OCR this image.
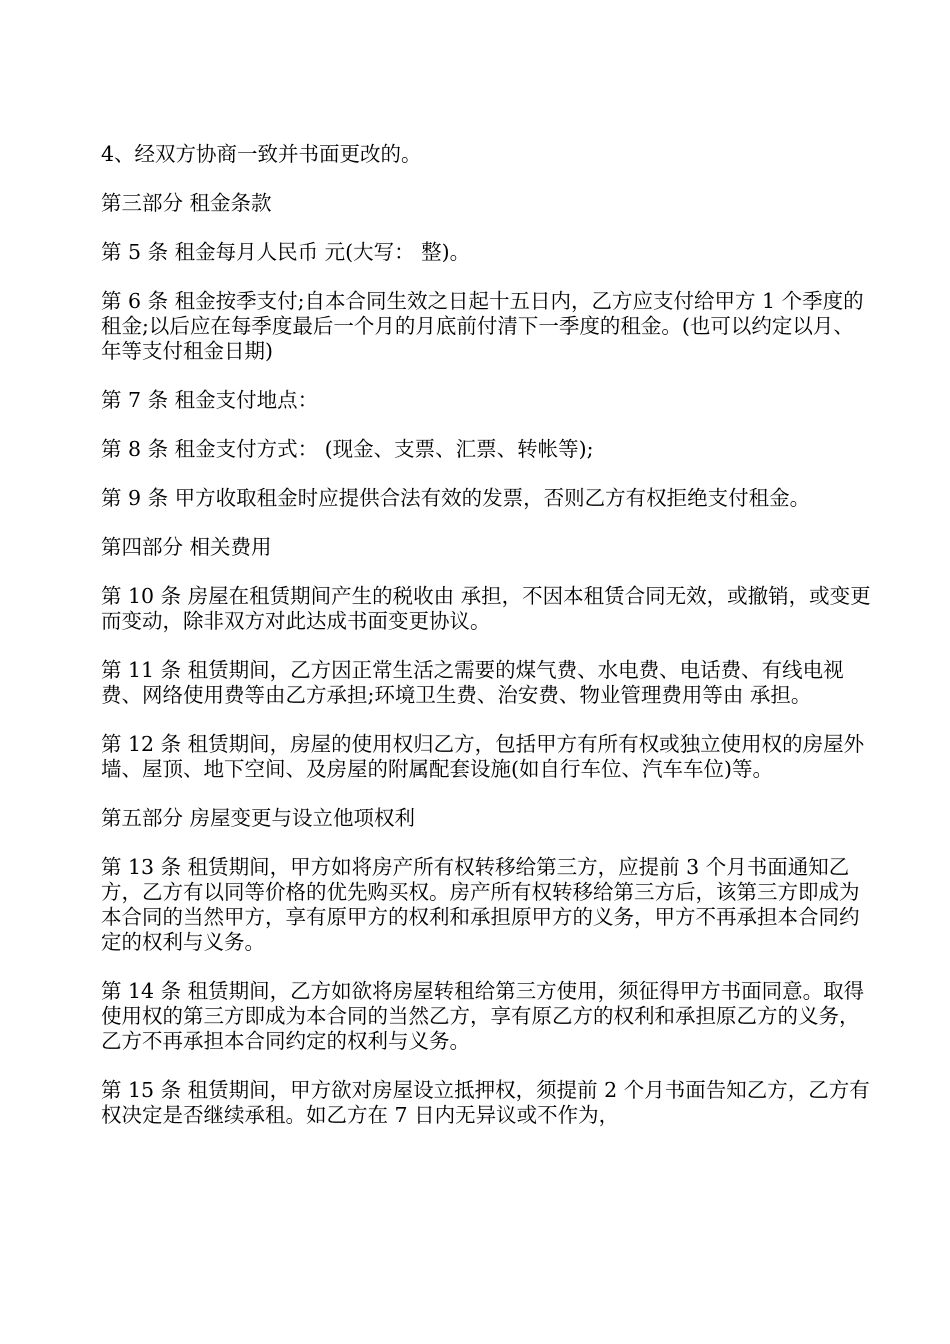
4、经双方协商一致并书面更改的。

第三部分 租金条款

第 5 条 租金每月人民币 元(大写： 整)。

第 6 条 租金按季支付;自本合同生效之日起十五日内，乙方应支付给甲方 1 个季度的租金;以后应在每季度最后一个月的月底前付清下一季度的租金。(也可以约定以月、年等支付租金日期)

第 7 条 租金支付地点：

第 8 条 租金支付方式： (现金、支票、汇票、转帐等);

第 9 条 甲方收取租金时应提供合法有效的发票，否则乙方有权拒绝支付租金。

第四部分 相关费用

第 10 条 房屋在租赁期间产生的税收由 承担，不因本租赁合同无效，或撤销，或变更而变动，除非双方对此达成书面变更协议。

第 11 条 租赁期间，乙方因正常生活之需要的煤气费、水电费、电话费、有线电视费、网络使用费等由乙方承担;环境卫生费、治安费、物业管理费用等由 承担。

第 12 条 租赁期间，房屋的使用权归乙方，包括甲方有所有权或独立使用权的房屋外墙、屋顶、地下空间、及房屋的附属配套设施(如自行车位、汽车车位)等。

第五部分 房屋变更与设立他项权利

第 13 条 租赁期间，甲方如将房产所有权转移给第三方，应提前 3 个月书面通知乙方，乙方有以同等价格的优先购买权。房产所有权转移给第三方后，该第三方即成为本合同的当然甲方，享有原甲方的权利和承担原甲方的义务，甲方不再承担本合同约定的权利与义务。

第 14 条 租赁期间，乙方如欲将房屋转租给第三方使用，须征得甲方书面同意。取得使用权的第三方即成为本合同的当然乙方，享有原乙方的权利和承担原乙方的义务，乙方不再承担本合同约定的权利与义务。

第 15 条 租赁期间，甲方欲对房屋设立抵押权，须提前 2 个月书面告知乙方，乙方有权决定是否继续承租。如乙方在 7 日内无异议或不作为，
